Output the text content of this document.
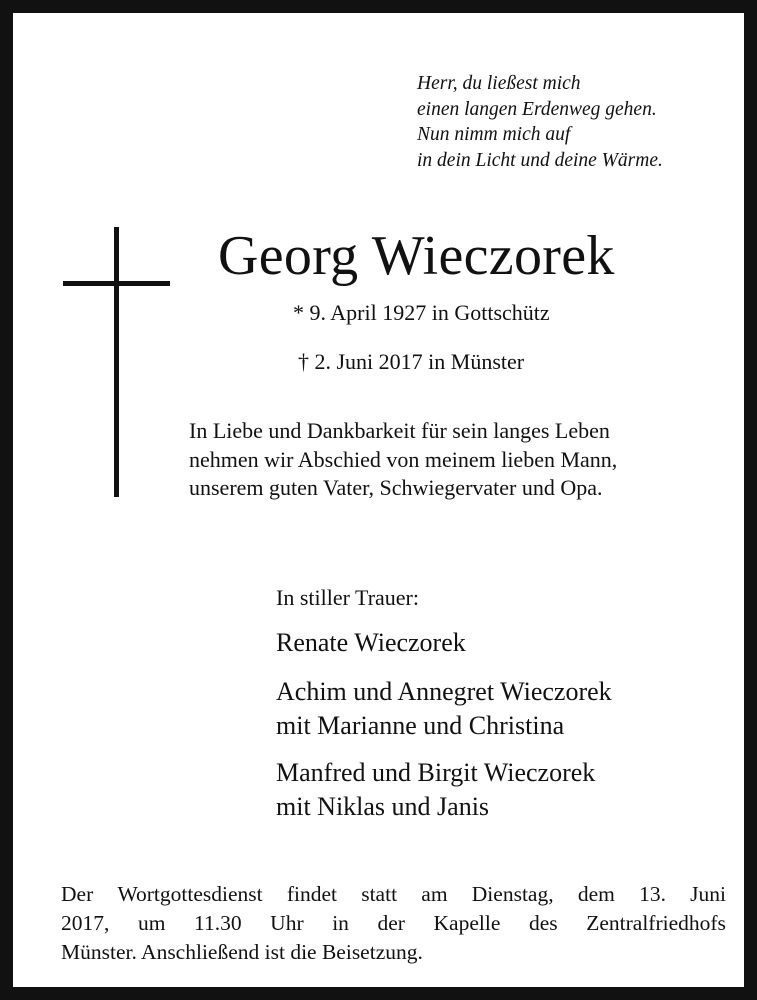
Herr, du ließest mich
einen langen Erdenweg gehen.
Nun nimm mich auf
in dein Licht und deine Wärme.
Georg Wieczorek
* 9. April 1927 in Gottschütz
† 2. Juni 2017 in Münster
In Liebe und Dankbarkeit für sein langes Leben
nehmen wir Abschied von meinem lieben Mann,
unserem guten Vater, Schwiegervater und Opa.
In stiller Trauer:
Renate Wieczorek
Achim und Annegret Wieczorek
mit Marianne und Christina
Manfred und Birgit Wieczorek
mit Niklas und Janis
Der Wortgottesdienst findet statt am Dienstag, dem 13. Juni
2017, um 11.30 Uhr in der Kapelle des Zentralfriedhofs
Münster. Anschließend ist die Beisetzung.
